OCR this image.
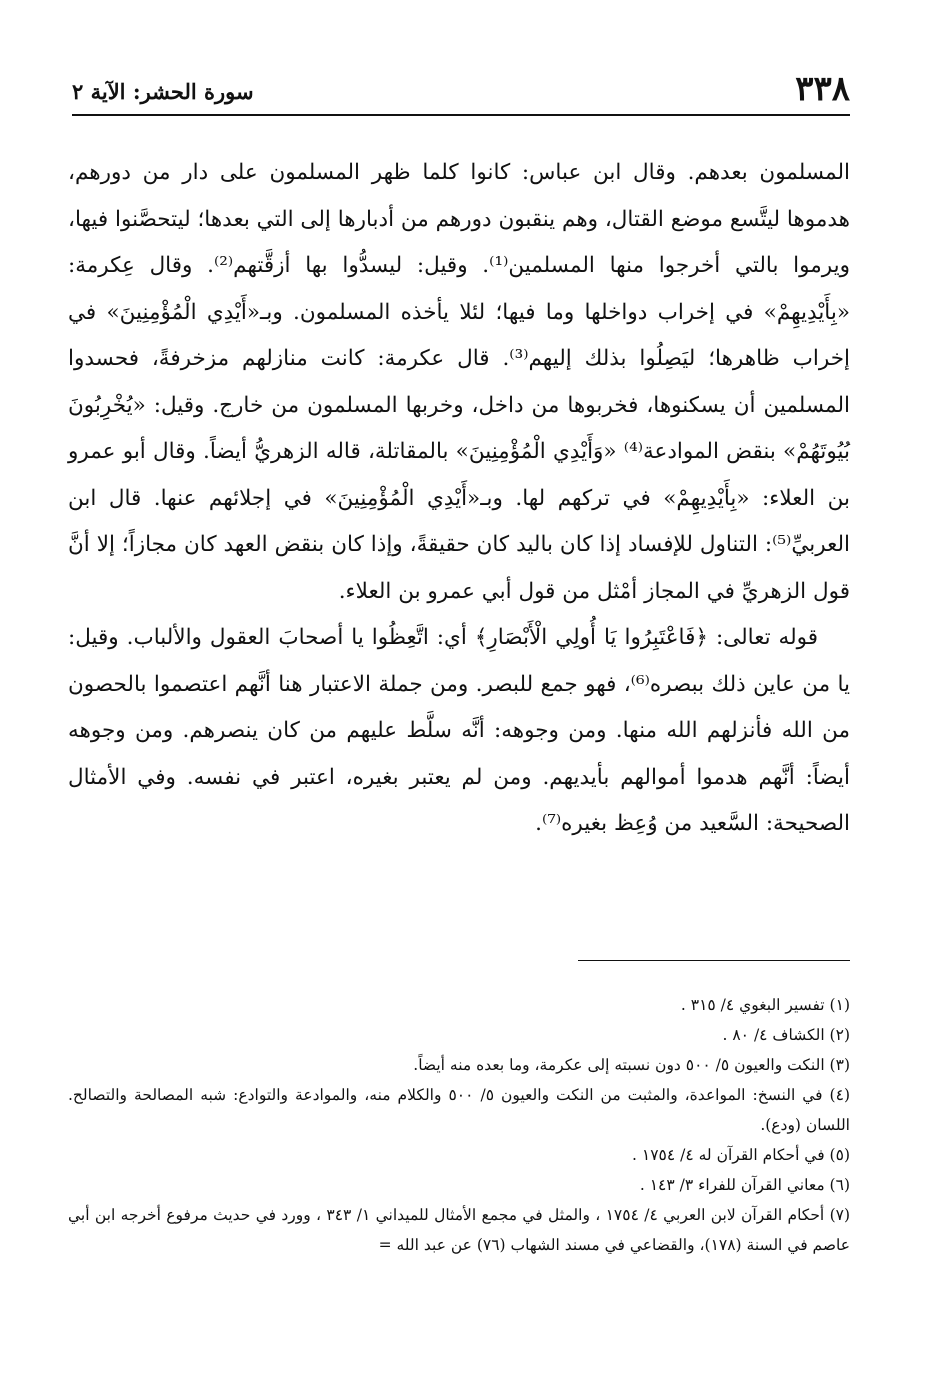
٣٣٨
سورة الحشر: الآية ٢

المسلمون بعدهم. وقال ابن عباس: كانوا كلما ظهر المسلمون على دار من دورهم، هدموها ليتَّسع موضع القتال، وهم ينقبون دورهم من أدبارها إلى التي بعدها؛ ليتحصَّنوا فيها، ويرموا بالتي أخرجوا منها المسلمين⁽¹⁾. وقيل: ليسدُّوا بها أزقَّتهم⁽²⁾. وقال عِكرمة: «بِأَيْدِيهِمْ» في إخراب دواخلها وما فيها؛ لئلا يأخذه المسلمون. وبـ«أَيْدِي الْمُؤْمِنِينَ» في إخراب ظاهرها؛ ليَصِلُوا بذلك إليهم⁽³⁾. قال عكرمة: كانت منازلهم مزخرفةً، فحسدوا المسلمين أن يسكنوها، فخربوها من داخل، وخربها المسلمون من خارج. وقيل: «يُخْرِبُونَ بُيُوتَهُمْ» بنقض الموادعة⁽⁴⁾ «وَأَيْدِي الْمُؤْمِنِينَ» بالمقاتلة، قاله الزهريُّ أيضاً. وقال أبو عمرو بن العلاء: «بِأَيْدِيهِمْ» في تركهم لها. وبـ«أَيْدِي الْمُؤْمِنِينَ» في إجلائهم عنها. قال ابن العربيِّ⁽⁵⁾: التناول للإفساد إذا كان باليد كان حقيقةً، وإذا كان بنقض العهد كان مجازاً؛ إلا أنَّ قول الزهريِّ في المجاز أمْثل من قول أبي عمرو بن العلاء.

قوله تعالى: ﴿فَاعْتَبِرُوا يَا أُولِي الْأَبْصَارِ﴾ أي: اتَّعِظُوا يا أصحابَ العقول والألباب. وقيل: يا من عاين ذلك ببصره⁽⁶⁾، فهو جمع للبصر. ومن جملة الاعتبار هنا أنَّهم اعتصموا بالحصون من الله فأنزلهم الله منها. ومن وجوهه: أنَّه سلَّط عليهم من كان ينصرهم. ومن وجوهه أيضاً: أنَّهم هدموا أموالهم بأيديهم. ومن لم يعتبر بغيره، اعتبر في نفسه. وفي الأمثال الصحيحة: السَّعيد من وُعِظ بغيره⁽⁷⁾.

(١) تفسير البغوي ٤/ ٣١٥ .

(٢) الكشاف ٤/ ٨٠ .

(٣) النكت والعيون ٥/ ٥٠٠ دون نسبته إلى عكرمة، وما بعده منه أيضاً.

(٤) في النسخ: المواعدة، والمثبت من النكت والعيون ٥/ ٥٠٠ والكلام منه، والموادعة والتوادع: شبه المصالحة والتصالح. اللسان (ودع).

(٥) في أحكام القرآن له ٤/ ١٧٥٤ .

(٦) معاني القرآن للفراء ٣/ ١٤٣ .

(٧) أحكام القرآن لابن العربي ٤/ ١٧٥٤ ، والمثل في مجمع الأمثال للميداني ١/ ٣٤٣ ، وورد في حديث مرفوع أخرجه ابن أبي عاصم في السنة (١٧٨)، والقضاعي في مسند الشهاب (٧٦) عن عبد الله =
